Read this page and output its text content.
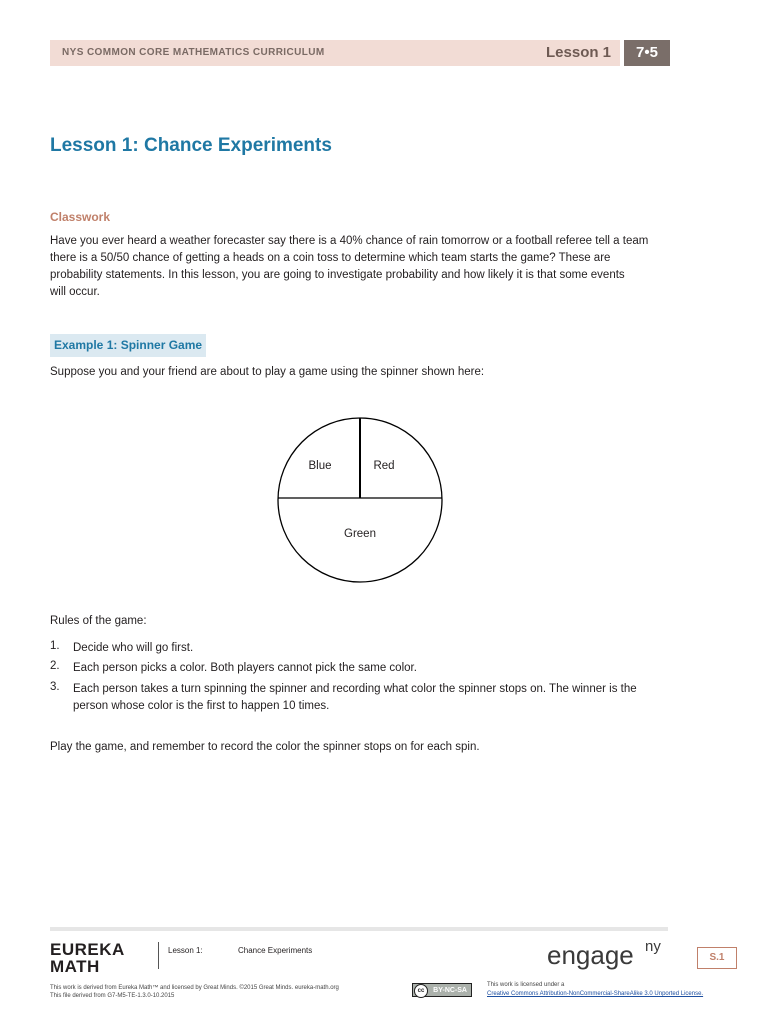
NYS COMMON CORE MATHEMATICS CURRICULUM	Lesson 1	7•5
Lesson 1: Chance Experiments
Classwork
Have you ever heard a weather forecaster say there is a 40% chance of rain tomorrow or a football referee tell a team
there is a 50/50 chance of getting a heads on a coin toss to determine which team starts the game? These are
probability statements. In this lesson, you are going to investigate probability and how likely it is that some events
will occur.
Example 1: Spinner Game
Suppose you and your friend are about to play a game using the spinner shown here:
Blue	Red
Green
Rules of the game:
1. Decide who will go first.
2. Each person picks a color. Both players cannot pick the same color.
3. Each person takes a turn spinning the spinner and recording what color the spinner stops on. The winner is the
person whose color is the first to happen 10 times.
Play the game, and remember to record the color the spinner stops on for each spin.
EUREKA
MATH
Lesson 1:	Chance Experiments	engage ny
S.1
This work is derived from Eureka Math™ and licensed by Great Minds. ©2015 Great Minds. eureka-math.org
This file derived from G7-M5-TE-1.3.0-10.2015
BY-NC-SA
cc
This work is licensed under a
Creative Commons Attribution-NonCommercial-ShareAlike 3.0 Unported License.
